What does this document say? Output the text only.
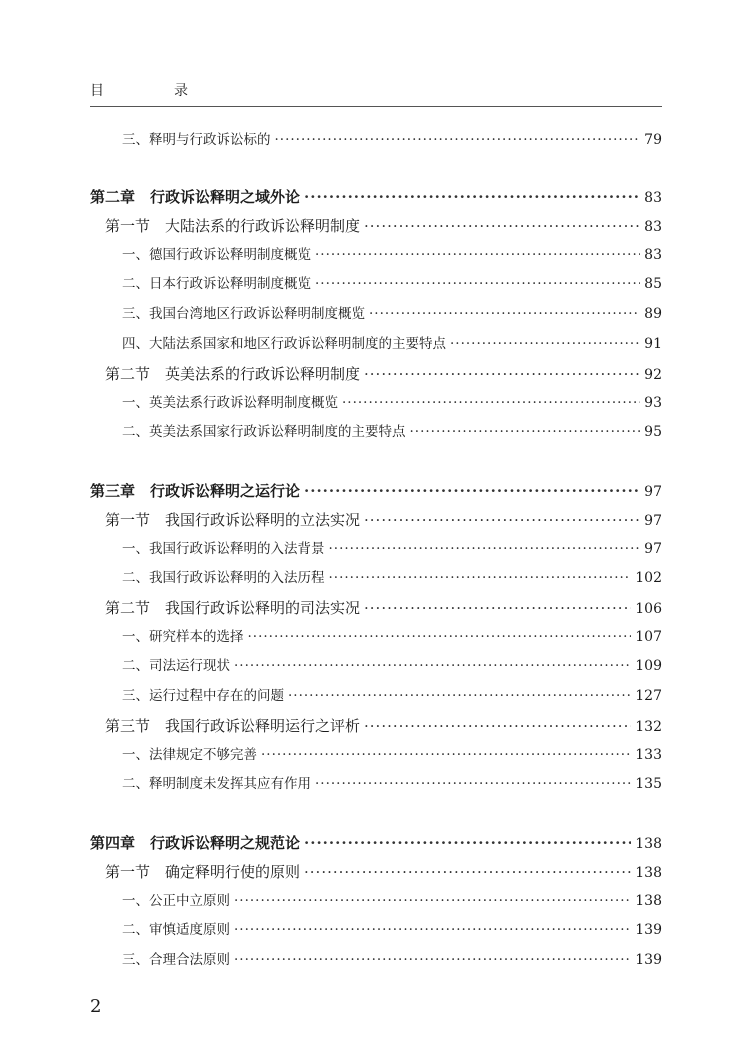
目　录
三、释明与行政诉讼标的 ·····	79
第二章　行政诉讼释明之域外论 ·····	83
第一节　大陆法系的行政诉讼释明制度 ·····	83
一、德国行政诉讼释明制度概览 ·····	83
二、日本行政诉讼释明制度概览 ·····	85
三、我国台湾地区行政诉讼释明制度概览 ·····	89
四、大陆法系国家和地区行政诉讼释明制度的主要特点 ·····	91
第二节　英美法系的行政诉讼释明制度 ·····	92
一、英美法系行政诉讼释明制度概览 ·····	93
二、英美法系国家行政诉讼释明制度的主要特点 ·····	95
第三章　行政诉讼释明之运行论 ·····	97
第一节　我国行政诉讼释明的立法实况 ·····	97
一、我国行政诉讼释明的入法背景 ·····	97
二、我国行政诉讼释明的入法历程 ·····	102
第二节　我国行政诉讼释明的司法实况 ·····	106
一、研究样本的选择 ·····	107
二、司法运行现状 ·····	109
三、运行过程中存在的问题 ·····	127
第三节　我国行政诉讼释明运行之评析 ·····	132
一、法律规定不够完善 ·····	133
二、释明制度未发挥其应有作用 ·····	135
第四章　行政诉讼释明之规范论 ·····	138
第一节　确定释明行使的原则 ·····	138
一、公正中立原则 ·····	138
二、审慎适度原则 ·····	139
三、合理合法原则 ·····	139
2
